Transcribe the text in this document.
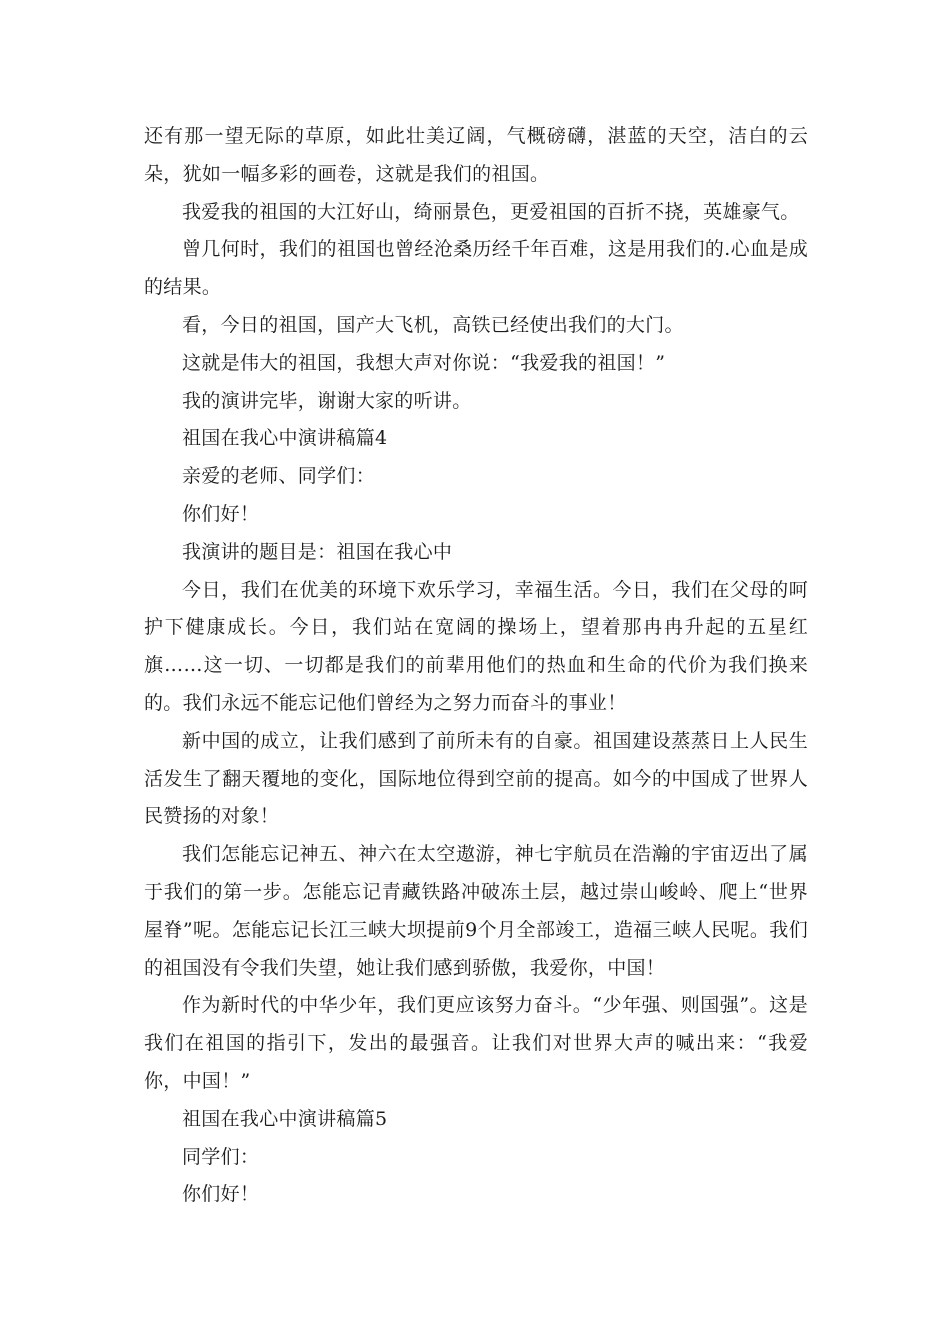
还有那一望无际的草原，如此壮美辽阔，气概磅礴，湛蓝的天空，洁白的云朵，犹如一幅多彩的画卷，这就是我们的祖国。

我爱我的祖国的大江好山，绮丽景色，更爱祖国的百折不挠，英雄豪气。

曾几何时，我们的祖国也曾经沧桑历经千年百难，这是用我们的.心血是成的结果。

看，今日的祖国，国产大飞机，高铁已经使出我们的大门。

这就是伟大的祖国，我想大声对你说：“我爱我的祖国！”

我的演讲完毕，谢谢大家的听讲。

祖国在我心中演讲稿篇4

亲爱的老师、同学们：

你们好！

我演讲的题目是：祖国在我心中

今日，我们在优美的环境下欢乐学习，幸福生活。今日，我们在父母的呵护下健康成长。今日，我们站在宽阔的操场上，望着那冉冉升起的五星红旗……这一切、一切都是我们的前辈用他们的热血和生命的代价为我们换来的。我们永远不能忘记他们曾经为之努力而奋斗的事业！

新中国的成立，让我们感到了前所未有的自豪。祖国建设蒸蒸日上人民生活发生了翻天覆地的变化，国际地位得到空前的提高。如今的中国成了世界人民赞扬的对象！

我们怎能忘记神五、神六在太空遨游，神七宇航员在浩瀚的宇宙迈出了属于我们的第一步。怎能忘记青藏铁路冲破冻土层，越过崇山峻岭、爬上“世界屋脊”呢。怎能忘记长江三峡大坝提前9个月全部竣工，造福三峡人民呢。我们的祖国没有令我们失望，她让我们感到骄傲，我爱你，中国！

作为新时代的中华少年，我们更应该努力奋斗。“少年强、则国强”。这是我们在祖国的指引下，发出的最强音。让我们对世界大声的喊出来：“我爱你，中国！”

祖国在我心中演讲稿篇5

同学们：

你们好！
